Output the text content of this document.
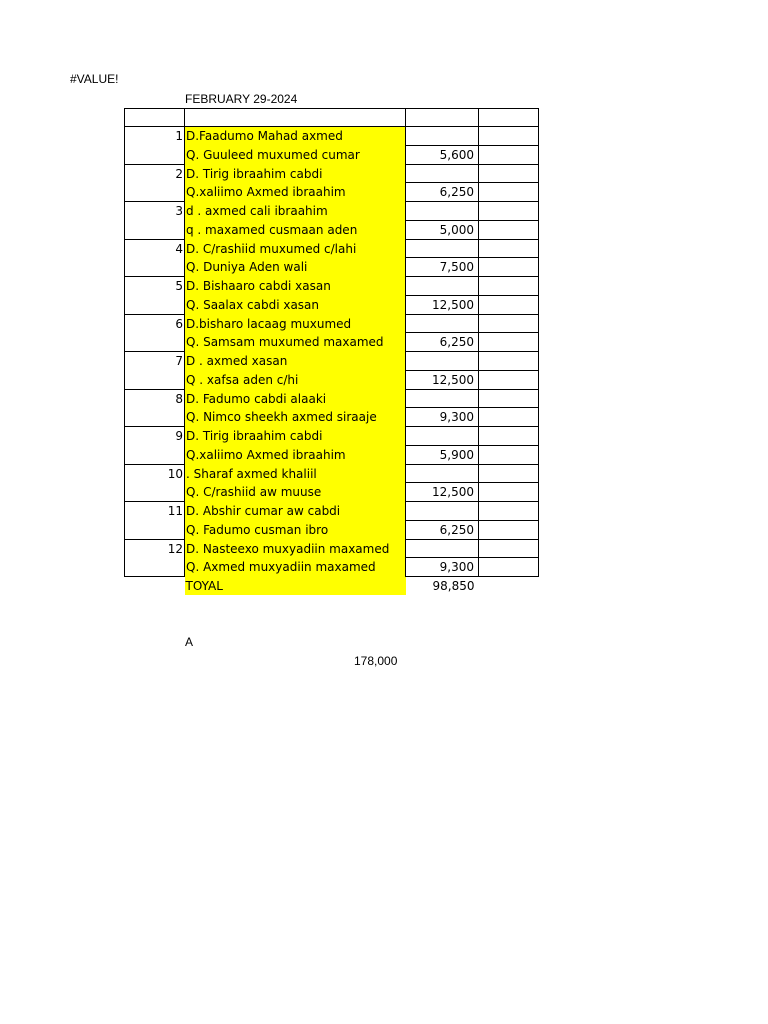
#VALUE!
FEBRUARY 29-2024

1	D.Faadumo Mahad axmed		
	Q. Guuleed muxumed cumar	5,600	
2	D. Tirig ibraahim cabdi		
	Q.xaliimo Axmed ibraahim	6,250	
3	d . axmed cali ibraahim		
	q . maxamed cusmaan aden	5,000	
4	D. C/rashiid muxumed c/lahi		
	Q. Duniya Aden wali	7,500	
5	D. Bishaaro cabdi xasan		
	Q. Saalax cabdi xasan	12,500	
6	D.bisharo lacaag muxumed		
	Q. Samsam muxumed maxamed	6,250	
7	D . axmed xasan		
	Q . xafsa aden c/hi	12,500	
8	D. Fadumo cabdi alaaki		
	Q. Nimco sheekh axmed siraaje	9,300	
9	D. Tirig ibraahim cabdi		
	Q.xaliimo Axmed ibraahim	5,900	
10	. Sharaf axmed khaliil		
	Q. C/rashiid aw muuse	12,500	
11	D. Abshir cumar aw cabdi		
	Q. Fadumo cusman ibro	6,250	
12	D. Nasteexo muxyadiin maxamed		
	Q. Axmed muxyadiin maxamed	9,300	
	TOYAL	98,850	
A
178,000
